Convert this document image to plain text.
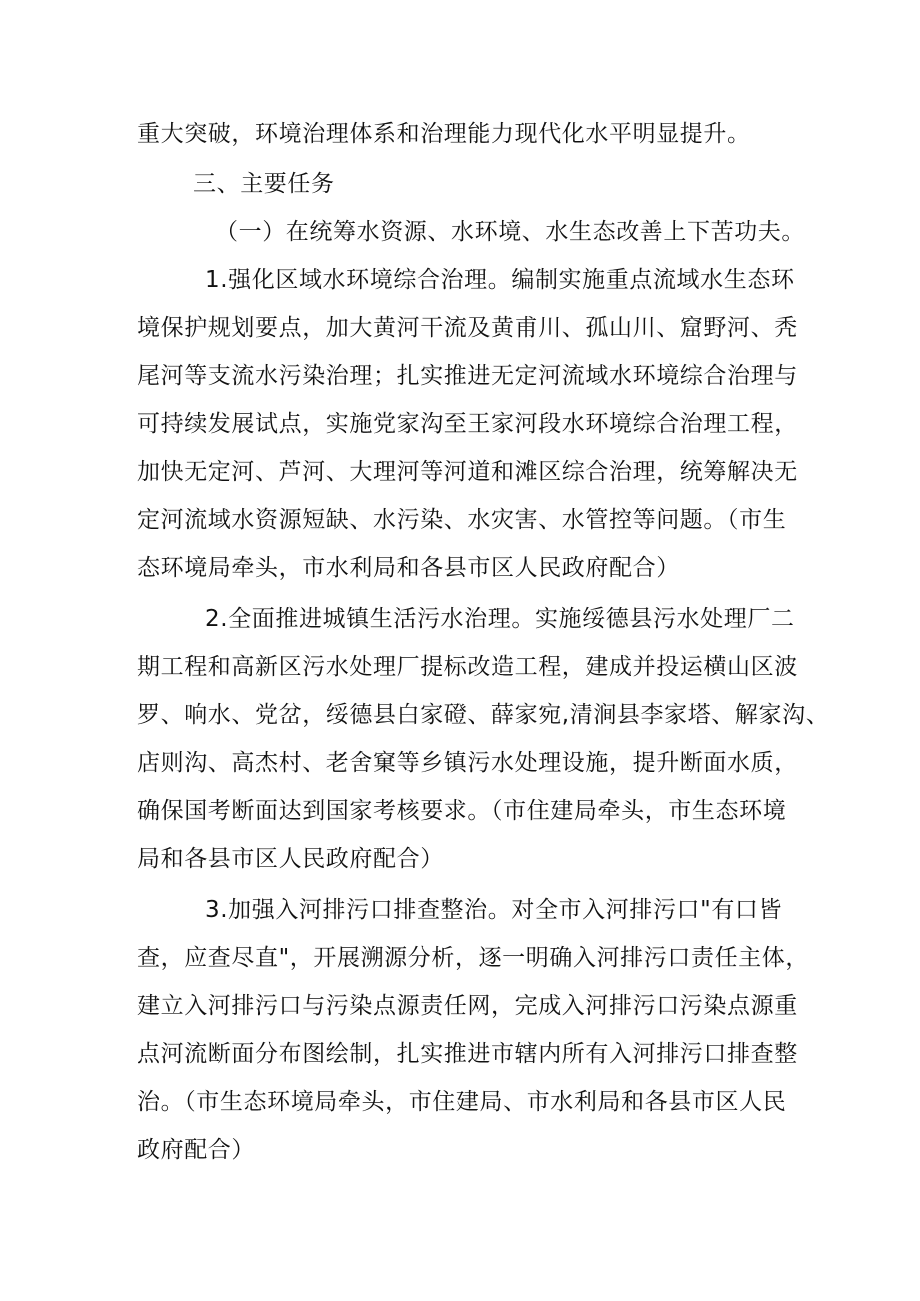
重大突破，环境治理体系和治理能力现代化水平明显提升。
三、主要任务
（一）在统筹水资源、水环境、水生态改善上下苦功夫。
1.强化区域水环境综合治理。编制实施重点流域水生态环
境保护规划要点，加大黄河干流及黄甫川、孤山川、窟野河、秃
尾河等支流水污染治理；扎实推进无定河流域水环境综合治理与
可持续发展试点，实施党家沟至王家河段水环境综合治理工程，
加快无定河、芦河、大理河等河道和滩区综合治理，统筹解决无
定河流域水资源短缺、水污染、水灾害、水管控等问题。（市生
态环境局牵头，市水利局和各县市区人民政府配合）
2.全面推进城镇生活污水治理。实施绥德县污水处理厂二
期工程和高新区污水处理厂提标改造工程，建成并投运横山区波
罗、响水、党岔，绥德县白家磴、薛家宛,清涧县李家塔、解家沟、
店则沟、高杰村、老舍窠等乡镇污水处理设施，提升断面水质，
确保国考断面达到国家考核要求。（市住建局牵头，市生态环境
局和各县市区人民政府配合）
3.加强入河排污口排查整治。对全市入河排污口"有口皆
查，应查尽直"，开展溯源分析，逐一明确入河排污口责任主体，
建立入河排污口与污染点源责任网，完成入河排污口污染点源重
点河流断面分布图绘制，扎实推进市辖内所有入河排污口排查整
治。（市生态环境局牵头，市住建局、市水利局和各县市区人民
政府配合）
